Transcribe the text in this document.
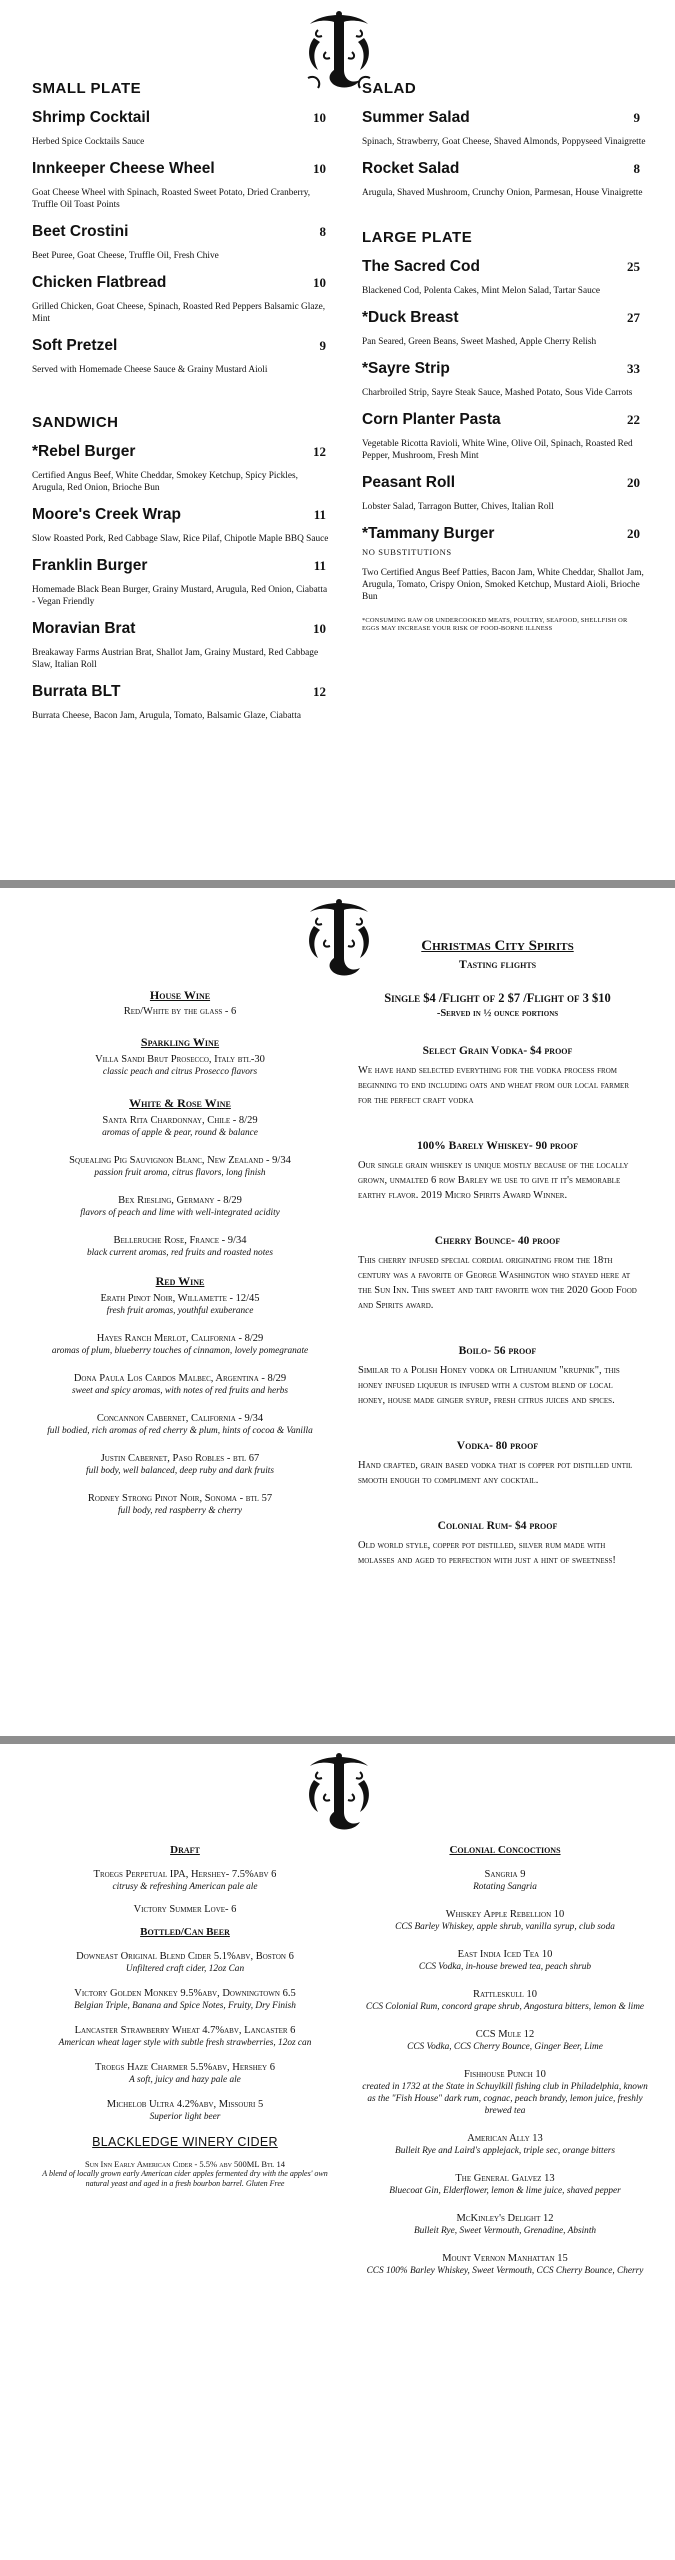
SMALL PLATE
Shrimp Cocktail	10
Herbed Spice Cocktails Sauce
Innkeeper Cheese Wheel	10
Goat Cheese Wheel with Spinach, Roasted Sweet Potato, Dried Cranberry, Truffle Oil Toast Points
Beet Crostini	8
Beet Puree, Goat Cheese, Truffle Oil, Fresh Chive
Chicken Flatbread	10
Grilled Chicken, Goat Cheese, Spinach, Roasted Red Peppers Balsamic Glaze, Mint
Soft Pretzel	9
Served with Homemade Cheese Sauce & Grainy Mustard Aioli
SANDWICH
*Rebel Burger	12
Certified Angus Beef, White Cheddar, Smokey Ketchup, Spicy Pickles, Arugula, Red Onion, Brioche Bun
Moore's Creek Wrap	11
Slow Roasted Pork, Red Cabbage Slaw, Rice Pilaf, Chipotle Maple BBQ Sauce
Franklin Burger	11
Homemade Black Bean Burger, Grainy Mustard, Arugula, Red Onion, Ciabatta - Vegan Friendly
Moravian Brat	10
Breakaway Farms Austrian Brat, Shallot Jam, Grainy Mustard, Red Cabbage Slaw, Italian Roll
Burrata BLT	12
Burrata Cheese, Bacon Jam, Arugula, Tomato, Balsamic Glaze, Ciabatta
SALAD
Summer Salad	9
Spinach, Strawberry, Goat Cheese, Shaved Almonds, Poppyseed Vinaigrette
Rocket Salad	8
Arugula, Shaved Mushroom, Crunchy Onion, Parmesan, House Vinaigrette
LARGE PLATE
The Sacred Cod	25
Blackened Cod, Polenta Cakes, Mint Melon Salad, Tartar Sauce
*Duck Breast	27
Pan Seared, Green Beans, Sweet Mashed, Apple Cherry Relish
*Sayre Strip	33
Charbroiled Strip, Sayre Steak Sauce, Mashed Potato, Sous Vide Carrots
Corn Planter Pasta	22
Vegetable Ricotta Ravioli, White Wine, Olive Oil, Spinach, Roasted Red Pepper, Mushroom, Fresh Mint
Peasant Roll	20
Lobster Salad, Tarragon Butter, Chives, Italian Roll
*Tammany Burger	20
NO SUBSTITUTIONS
Two Certified Angus Beef Patties, Bacon Jam, White Cheddar, Shallot Jam, Arugula, Tomato, Crispy Onion, Smoked Ketchup, Mustard Aioli, Brioche Bun
*CONSUMING RAW OR UNDERCOOKED MEATS, POULTRY, SEAFOOD, SHELLFISH OR EGGS MAY INCREASE YOUR RISK OF FOOD-BORNE ILLNESS
House Wine
Red/White by the glass - 6
Sparkling Wine
Villa Sandi Brut Prosecco, Italy btl-30
classic peach and citrus Prosecco flavors
White & Rose Wine
Santa Rita Chardonnay, Chile - 8/29
aromas of apple & pear, round & balance
Squealing Pig Sauvignon Blanc, New Zealand - 9/34
passion fruit aroma, citrus flavors, long finish
Bex Riesling, Germany - 8/29
flavors of peach and lime with well-integrated acidity
Belleruche Rose, France - 9/34
black current aromas, red fruits and roasted notes
Red Wine
Erath Pinot Noir, Willamette - 12/45
fresh fruit aromas, youthful exuberance
Hayes Ranch Merlot, California - 8/29
aromas of plum, blueberry touches of cinnamon, lovely pomegranate
Dona Paula Los Cardos Malbec, Argentina - 8/29
sweet and spicy aromas, with notes of red fruits and herbs
Concannon Cabernet, California - 9/34
full bodied, rich aromas of red cherry & plum, hints of cocoa & Vanilla
Justin Cabernet, Paso Robles - btl 67
full body, well balanced, deep ruby and dark fruits
Rodney Strong Pinot Noir, Sonoma - btl 57
full body, red raspberry & cherry
Christmas City Spirits
Tasting flights
Single $4 /Flight of 2 $7 /Flight of 3 $10
-Served in ½ ounce portions
Select Grain Vodka- $4 proof
We have hand selected everything for the vodka process from beginning to end including oats and wheat from our local farmer for the perfect craft vodka
100% Barely Whiskey- 90 proof
Our single grain whiskey is unique mostly because of the locally grown, unmalted 6 row Barley we use to give it it's memorable earthy flavor. 2019 Micro Spirits Award Winner.
Cherry Bounce- 40 proof
This cherry infused special cordial originating from the 18th century was a favorite of George Washington who stayed here at the Sun Inn. This sweet and tart favorite won the 2020 Good Food and Spirits award.
Boilo- 56 proof
Similar to a Polish Honey vodka or Lithuanium "krupnik", this honey infused liqueur is infused with a custom blend of local honey, house made ginger syrup, fresh citrus juices and spices.
Vodka- 80 proof
Hand crafted, grain based vodka that is copper pot distilled until smooth enough to compliment any cocktail.
Colonial Rum- $4 proof
Old world style, copper pot distilled, silver rum made with molasses and aged to perfection with just a hint of sweetness!
Draft
Troegs Perpetual IPA, Hershey- 7.5%abv 6
citrusy & refreshing American pale ale
Victory Summer Love- 6
Bottled/Can Beer
Downeast Original Blend Cider 5.1%abv, Boston 6
Unfiltered craft cider, 12oz Can
Victory Golden Monkey 9.5%abv, Downingtown 6.5
Belgian Triple, Banana and Spice Notes, Fruity, Dry Finish
Lancaster Strawberry Wheat 4.7%abv, Lancaster 6
American wheat lager style with subtle fresh strawberries, 12oz can
Troegs Haze Charmer 5.5%abv, Hershey 6
A soft, juicy and hazy pale ale
Michelob Ultra 4.2%abv, Missouri 5
Superior light beer
BLACKLEDGE WINERY CIDER
Sun Inn Early American Cider - 5.5% abv 500ML Btl 14
A blend of locally grown early American cider apples fermented dry with the apples' own natural yeast and aged in a fresh bourbon barrel. Gluten Free
Colonial Concoctions
Sangria 9
Rotating Sangria
Whiskey Apple Rebellion 10
CCS Barley Whiskey, apple shrub, vanilla syrup, club soda
East India Iced Tea 10
CCS Vodka, in-house brewed tea, peach shrub
Rattleskull 10
CCS Colonial Rum, concord grape shrub, Angostura bitters, lemon & lime
CCS Mule 12
CCS Vodka, CCS Cherry Bounce, Ginger Beer, Lime
Fishhouse Punch 10
created in 1732 at the State in Schuylkill fishing club in Philadelphia, known as the "Fish House" dark rum, cognac, peach brandy, lemon juice, freshly brewed tea
American Ally 13
Bulleit Rye and Laird's applejack, triple sec, orange bitters
The General Galvez 13
Bluecoat Gin, Elderflower, lemon & lime juice, shaved pepper
McKinley's Delight 12
Bulleit Rye, Sweet Vermouth, Grenadine, Absinth
Mount Vernon Manhattan 15
CCS 100% Barley Whiskey, Sweet Vermouth, CCS Cherry Bounce, Cherry
